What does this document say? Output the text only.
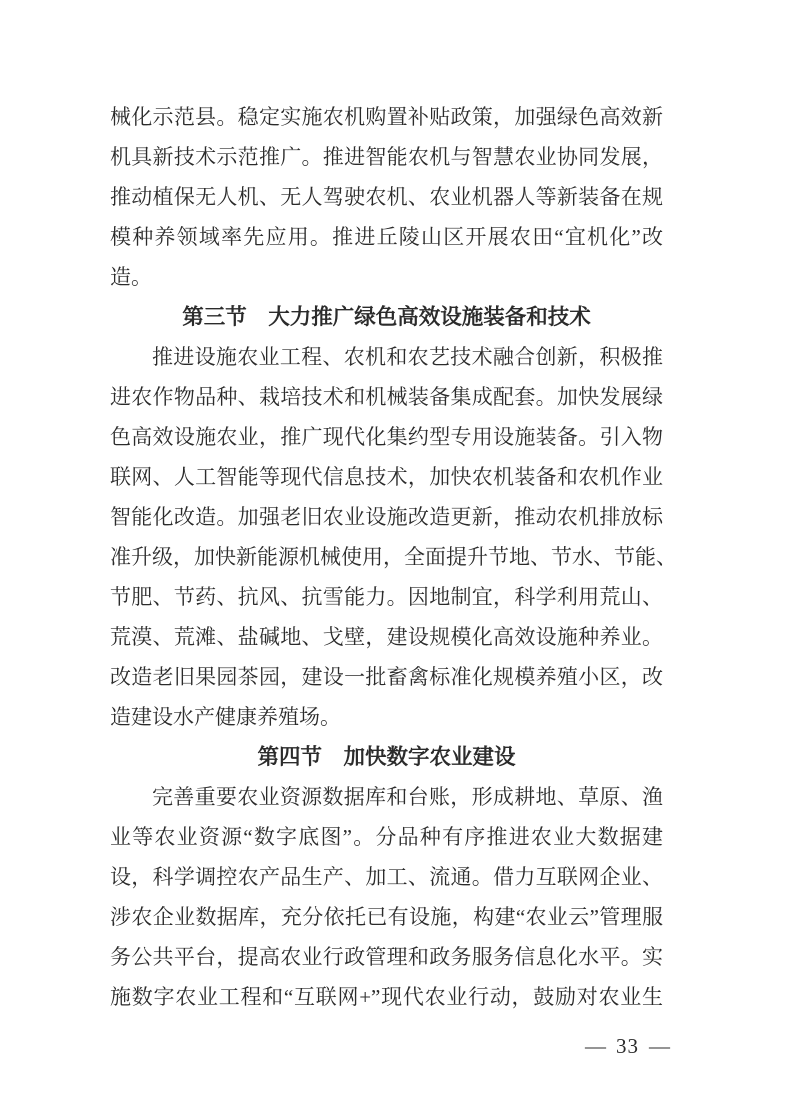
械化示范县。稳定实施农机购置补贴政策，加强绿色高效新
机具新技术示范推广。推进智能农机与智慧农业协同发展，
推动植保无人机、无人驾驶农机、农业机器人等新装备在规
模种养领域率先应用。推进丘陵山区开展农田“宜机化”改
造。
第三节　大力推广绿色高效设施装备和技术
推进设施农业工程、农机和农艺技术融合创新，积极推
进农作物品种、栽培技术和机械装备集成配套。加快发展绿
色高效设施农业，推广现代化集约型专用设施装备。引入物
联网、人工智能等现代信息技术，加快农机装备和农机作业
智能化改造。加强老旧农业设施改造更新，推动农机排放标
准升级，加快新能源机械使用，全面提升节地、节水、节能、
节肥、节药、抗风、抗雪能力。因地制宜，科学利用荒山、
荒漠、荒滩、盐碱地、戈壁，建设规模化高效设施种养业。
改造老旧果园茶园，建设一批畜禽标准化规模养殖小区，改
造建设水产健康养殖场。
第四节　加快数字农业建设
完善重要农业资源数据库和台账，形成耕地、草原、渔
业等农业资源“数字底图”。分品种有序推进农业大数据建
设，科学调控农产品生产、加工、流通。借力互联网企业、
涉农企业数据库，充分依托已有设施，构建“农业云”管理服
务公共平台，提高农业行政管理和政务服务信息化水平。实
施数字农业工程和“互联网+”现代农业行动，鼓励对农业生
— 33 —
